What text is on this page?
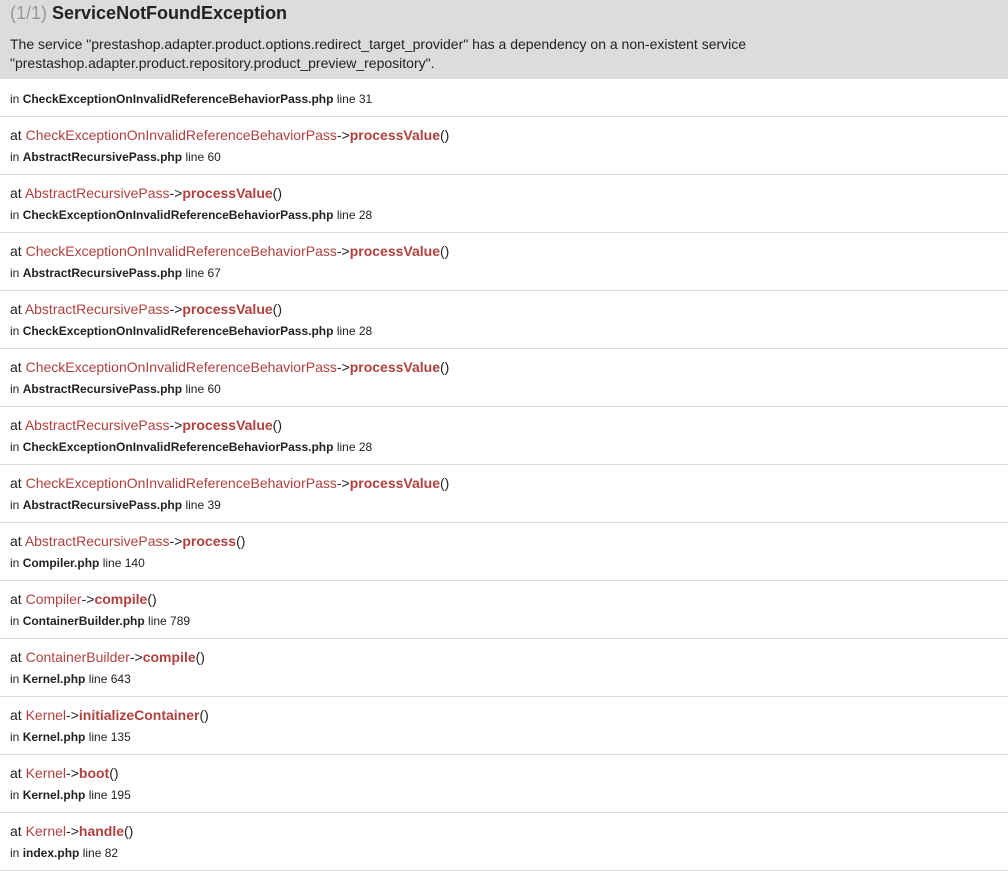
(1/1) ServiceNotFoundException
The service "prestashop.adapter.product.options.redirect_target_provider" has a dependency on a non-existent service "prestashop.adapter.product.repository.product_preview_repository".
in CheckExceptionOnInvalidReferenceBehaviorPass.php line 31
at CheckExceptionOnInvalidReferenceBehaviorPass->processValue()
in AbstractRecursivePass.php line 60
at AbstractRecursivePass->processValue()
in CheckExceptionOnInvalidReferenceBehaviorPass.php line 28
at CheckExceptionOnInvalidReferenceBehaviorPass->processValue()
in AbstractRecursivePass.php line 67
at AbstractRecursivePass->processValue()
in CheckExceptionOnInvalidReferenceBehaviorPass.php line 28
at CheckExceptionOnInvalidReferenceBehaviorPass->processValue()
in AbstractRecursivePass.php line 60
at AbstractRecursivePass->processValue()
in CheckExceptionOnInvalidReferenceBehaviorPass.php line 28
at CheckExceptionOnInvalidReferenceBehaviorPass->processValue()
in AbstractRecursivePass.php line 39
at AbstractRecursivePass->process()
in Compiler.php line 140
at Compiler->compile()
in ContainerBuilder.php line 789
at ContainerBuilder->compile()
in Kernel.php line 643
at Kernel->initializeContainer()
in Kernel.php line 135
at Kernel->boot()
in Kernel.php line 195
at Kernel->handle()
in index.php line 82
